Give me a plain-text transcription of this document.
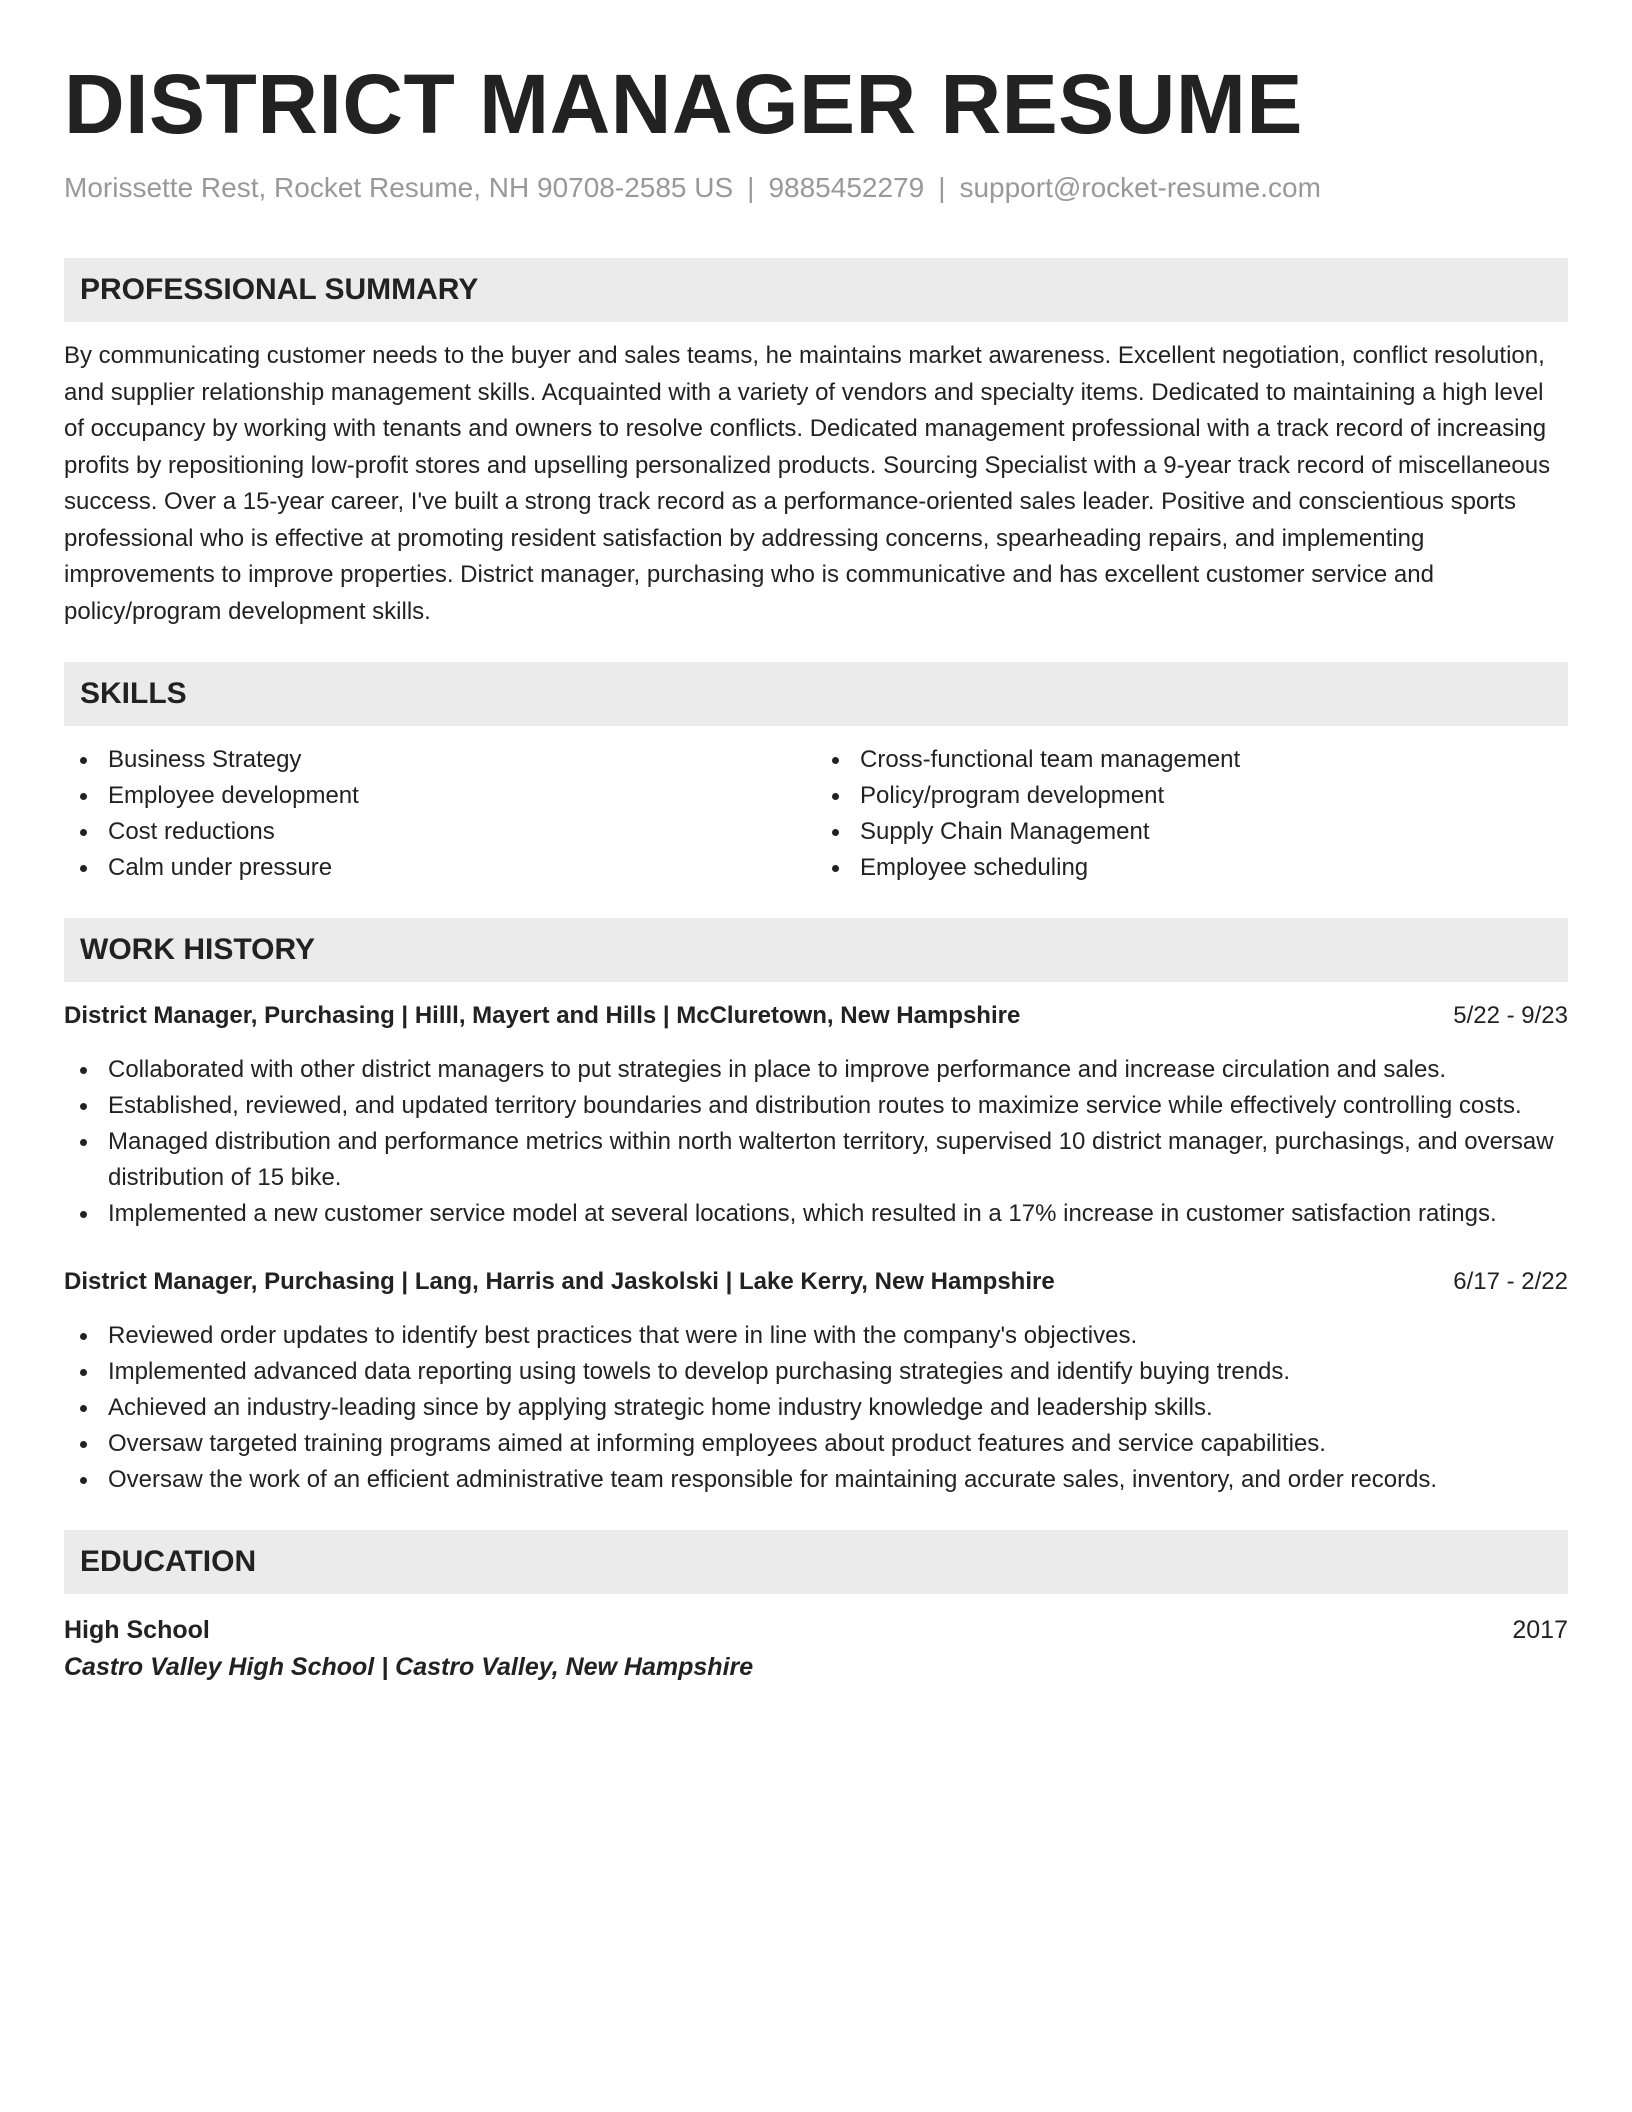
DISTRICT MANAGER RESUME
Morissette Rest, Rocket Resume, NH 90708-2585 US | 9885452279 | support@rocket-resume.com
PROFESSIONAL SUMMARY
By communicating customer needs to the buyer and sales teams, he maintains market awareness. Excellent negotiation, conflict resolution, and supplier relationship management skills. Acquainted with a variety of vendors and specialty items. Dedicated to maintaining a high level of occupancy by working with tenants and owners to resolve conflicts. Dedicated management professional with a track record of increasing profits by repositioning low-profit stores and upselling personalized products. Sourcing Specialist with a 9-year track record of miscellaneous success. Over a 15-year career, I've built a strong track record as a performance-oriented sales leader. Positive and conscientious sports professional who is effective at promoting resident satisfaction by addressing concerns, spearheading repairs, and implementing improvements to improve properties. District manager, purchasing who is communicative and has excellent customer service and policy/program development skills.
SKILLS
Business Strategy
Employee development
Cost reductions
Calm under pressure
Cross-functional team management
Policy/program development
Supply Chain Management
Employee scheduling
WORK HISTORY
District Manager, Purchasing | Hilll, Mayert and Hills | McCluretown, New Hampshire	5/22 - 9/23
Collaborated with other district managers to put strategies in place to improve performance and increase circulation and sales.
Established, reviewed, and updated territory boundaries and distribution routes to maximize service while effectively controlling costs.
Managed distribution and performance metrics within north walterton territory, supervised 10 district manager, purchasings, and oversaw distribution of 15 bike.
Implemented a new customer service model at several locations, which resulted in a 17% increase in customer satisfaction ratings.
District Manager, Purchasing | Lang, Harris and Jaskolski | Lake Kerry, New Hampshire	6/17 - 2/22
Reviewed order updates to identify best practices that were in line with the company's objectives.
Implemented advanced data reporting using towels to develop purchasing strategies and identify buying trends.
Achieved an industry-leading since by applying strategic home industry knowledge and leadership skills.
Oversaw targeted training programs aimed at informing employees about product features and service capabilities.
Oversaw the work of an efficient administrative team responsible for maintaining accurate sales, inventory, and order records.
EDUCATION
High School	2017
Castro Valley High School | Castro Valley, New Hampshire
